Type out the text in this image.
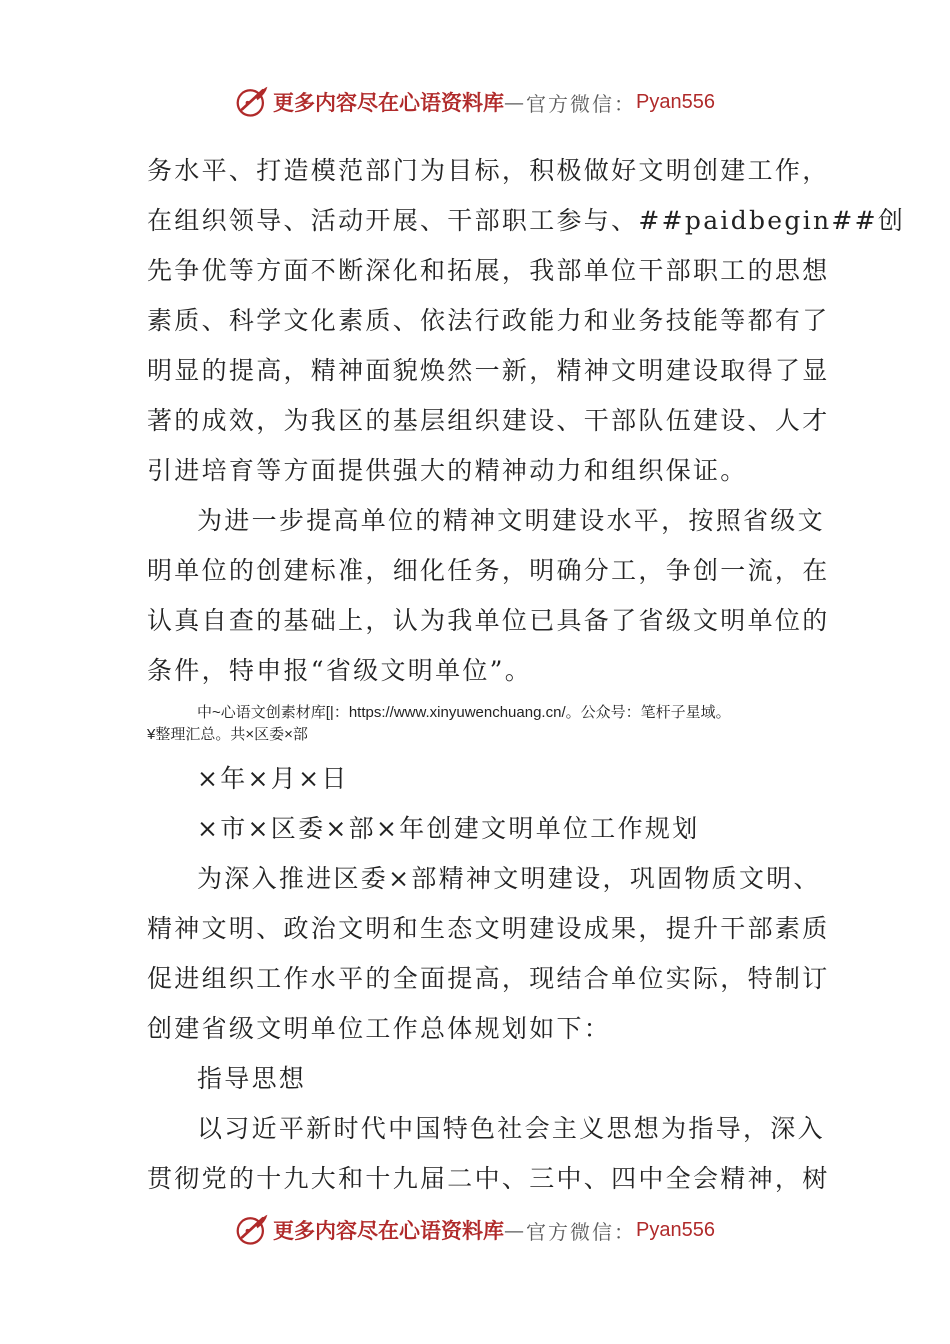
更多内容尽在心语资料库 — 官方微信： Pyan556
务水平、打造模范部门为目标，积极做好文明创建工作，
在组织领导、活动开展、干部职工参与、##paidbegin##创
先争优等方面不断深化和拓展，我部单位干部职工的思想
素质、科学文化素质、依法行政能力和业务技能等都有了
明显的提高，精神面貌焕然一新，精神文明建设取得了显
著的成效，为我区的基层组织建设、干部队伍建设、人才
引进培育等方面提供强大的精神动力和组织保证。
为进一步提高单位的精神文明建设水平，按照省级文
明单位的创建标准，细化任务，明确分工，争创一流，在
认真自查的基础上，认为我单位已具备了省级文明单位的
条件，特申报“省级文明单位”。
中~心语文创素材库[|：https://www.xinyuwenchuang.cn/。公众号：笔杆子星域。
¥整理汇总。共×区委×部
×年×月×日
×市×区委×部×年创建文明单位工作规划
为深入推进区委×部精神文明建设，巩固物质文明、
精神文明、政治文明和生态文明建设成果，提升干部素质
促进组织工作水平的全面提高，现结合单位实际，特制订
创建省级文明单位工作总体规划如下：
指导思想
以习近平新时代中国特色社会主义思想为指导，深入
贯彻党的十九大和十九届二中、三中、四中全会精神，树
更多内容尽在心语资料库 — 官方微信： Pyan556
